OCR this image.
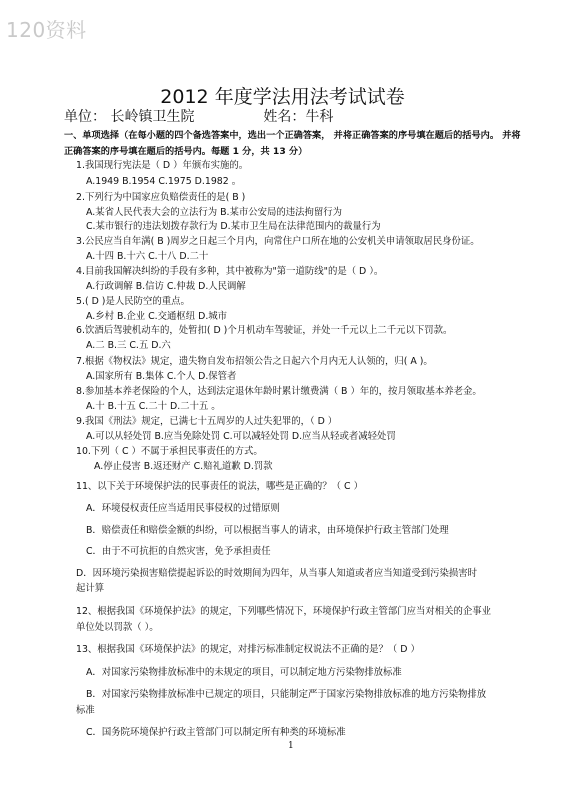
120资料
2012 年度学法用法考试试卷
单位： 长岭镇卫生院	姓名：牛科
一、单项选择（在每小题的四个备选答案中，选出一个正确答案， 并将正确答案的序号填在题后的括号内。 并将正确答案的序号填在题后的括号内。每题 1 分，共 13 分）
1.我国现行宪法是（ D ）年颁布实施的。
A.1949 B.1954 C.1975 D.1982 。
2.下列行为中国家应负赔偿责任的是( B )
A.某省人民代表大会的立法行为 B.某市公安局的违法拘留行为
C.某市银行的违法划拨存款行为 D.某市卫生局在法律范围内的裁量行为
3.公民应当自年满( B )周岁之日起三个月内，向常住户口所在地的公安机关申请领取居民身份证。
A.十四 B.十六 C.十八 D.二十
4.目前我国解决纠纷的手段有多种，其中被称为"第一道防线"的是（ D ）。
A.行政调解 B.信访 C.仲裁 D.人民调解
5.( D )是人民防空的重点。
A.乡村 B.企业 C.交通枢纽 D.城市
6.饮酒后驾驶机动车的，处暂扣( D )个月机动车驾驶证，并处一千元以上二千元以下罚款。
A.二 B.三 C.五 D.六
7.根据《物权法》规定，遗失物自发布招领公告之日起六个月内无人认领的，归( A )。
A.国家所有 B.集体 C.个人 D.保管者
8.参加基本养老保险的个人，达到法定退休年龄时累计缴费满（ B ）年的，按月领取基本养老金。
A.十 B.十五 C.二十 D.二十五 。
9.我国《刑法》规定，已满七十五周岁的人过失犯罪的，（ D ）
A.可以从轻处罚 B.应当免除处罚 C.可以减轻处罚 D.应当从轻或者减轻处罚
10.下列（ C ）不属于承担民事责任的方式。
A.停止侵害 B.返还财产 C.赔礼道歉 D.罚款
11、以下关于环境保护法的民事责任的说法，哪些是正确的？（ C ）
A．环境侵权责任应当适用民事侵权的过错原则
B．赔偿责任和赔偿金额的纠纷，可以根据当事人的请求，由环境保护行政主管部门处理
C．由于不可抗拒的自然灾害，免予承担责任
D．因环境污染损害赔偿提起诉讼的时效期间为四年，从当事人知道或者应当知道受到污染损害时
起计算
12、根据我国《环境保护法》的规定，下列哪些情况下，环境保护行政主管部门应当对相关的企事业
单位处以罚款（ ）。
13、根据我国《环境保护法》的规定，对排污标准制定权说法不正确的是？（ D ）
A．对国家污染物排放标准中的未规定的项目，可以制定地方污染物排放标准
B．对国家污染物排放标准中已规定的项目，只能制定严于国家污染物排放标准的地方污染物排放
标准
C．国务院环境保护行政主管部门可以制定所有种类的环境标准
1
